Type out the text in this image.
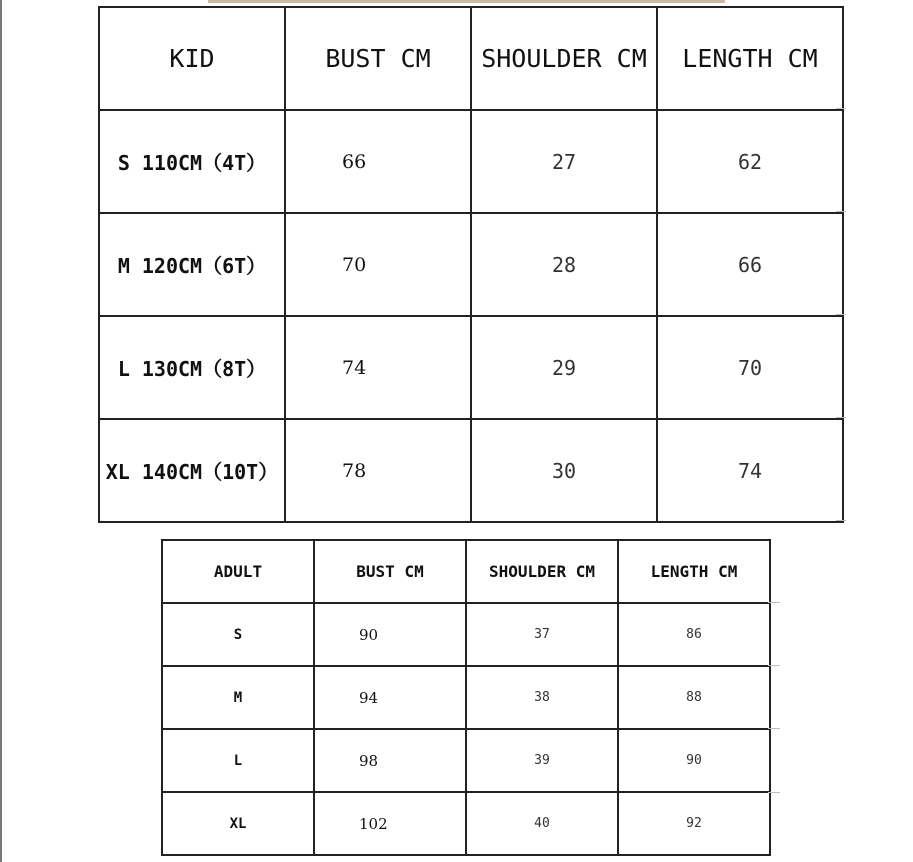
KID	BUST CM	SHOULDER CM	LENGTH CM
S 110CM（4T）	66	27	62
M 120CM（6T）	70	28	66
L 130CM（8T）	74	29	70
XL 140CM（10T）	78	30	74
ADULT	BUST CM	SHOULDER CM	LENGTH CM
S	90	37	86
M	94	38	88
L	98	39	90
XL	102	40	92
